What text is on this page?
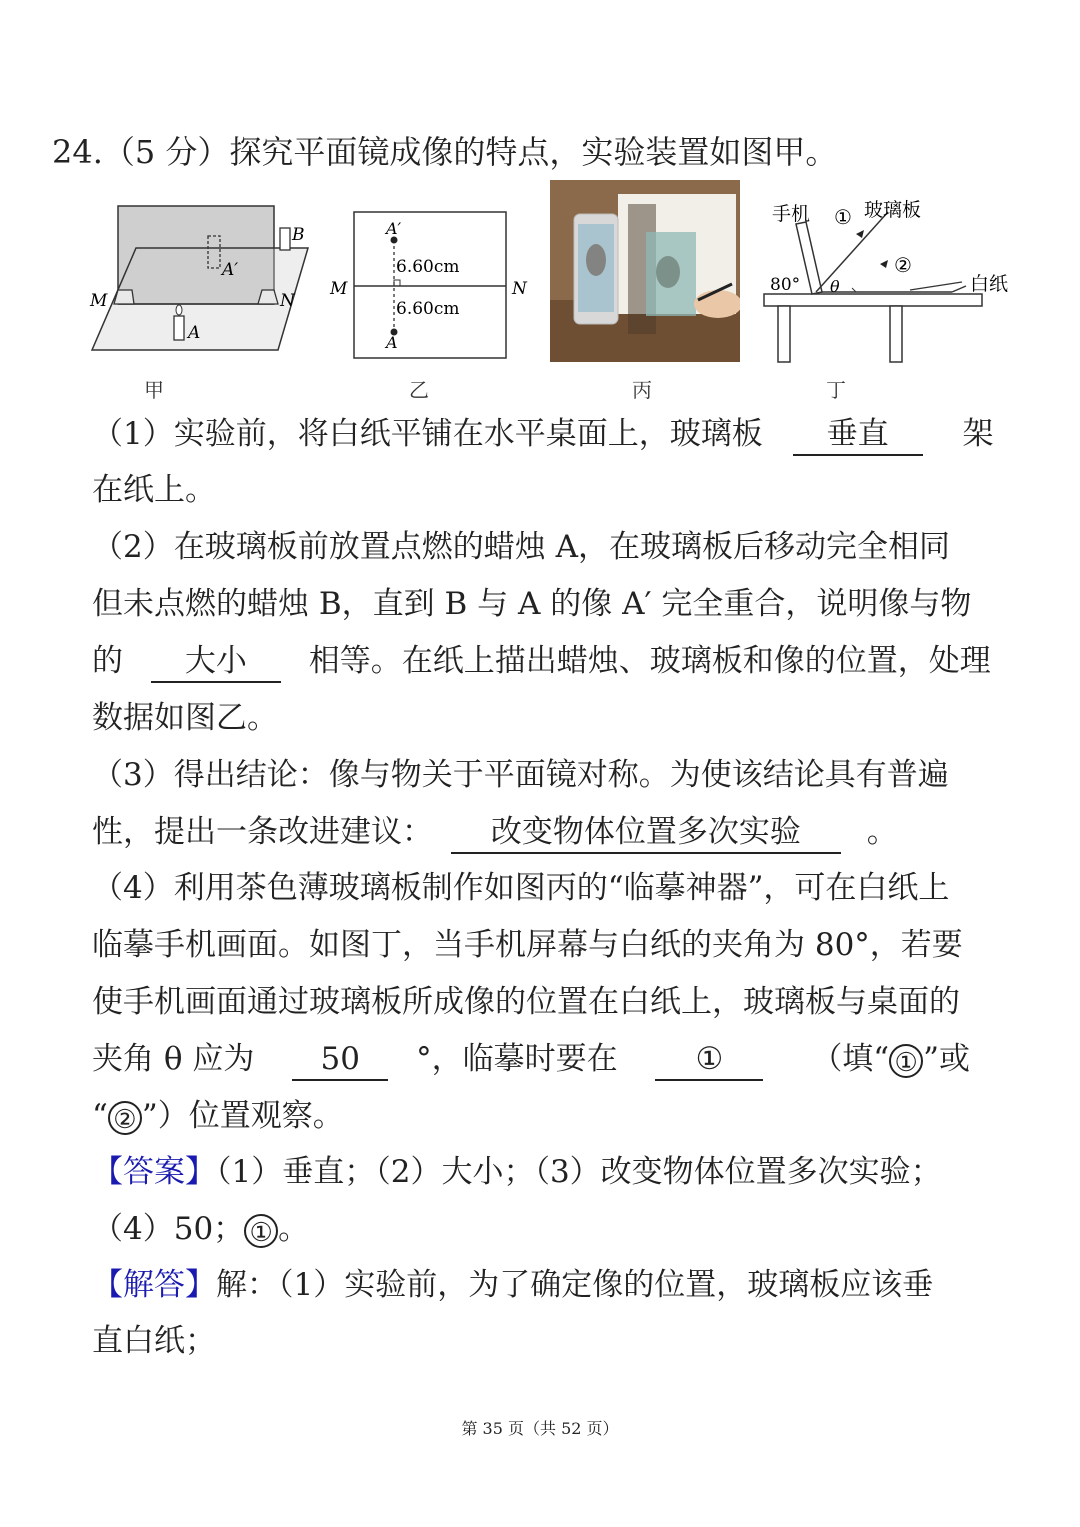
24.（5 分）探究平面镜成像的特点，实验装置如图甲。
B
A′
M	N
A
甲
A′
6.60cm
M	N
6.60cm
A
乙	丙
手机 ① 玻璃板
②
80° θ	白纸
丁
（1）实验前，将白纸平铺在水平桌面上，玻璃板 垂直 架
在纸上。
（2）在玻璃板前放置点燃的蜡烛 A，在玻璃板后移动完全相同
但未点燃的蜡烛 B，直到 B 与 A 的像 A′ 完全重合，说明像与物
的 大小 相等。在纸上描出蜡烛、玻璃板和像的位置，处理
数据如图乙。
（3）得出结论：像与物关于平面镜对称。为使该结论具有普遍
性，提出一条改进建议： 改变物体位置多次实验 。
（4）利用茶色薄玻璃板制作如图丙的“临摹神器”，可在白纸上
临摹手机画面。如图丁，当手机屏幕与白纸的夹角为 80°，若要
使手机画面通过玻璃板所成像的位置在白纸上，玻璃板与桌面的
夹角 θ 应为 50 °，临摹时要在	①	（填“ ① ”或
“ ② ”）位置观察。
【答案】（1）垂直；（2）大小；（3）改变物体位置多次实验；
（4）50； ① 。
【解答】解：（1）实验前，为了确定像的位置，玻璃板应该垂
直白纸；
第 35 页（共 52 页）
